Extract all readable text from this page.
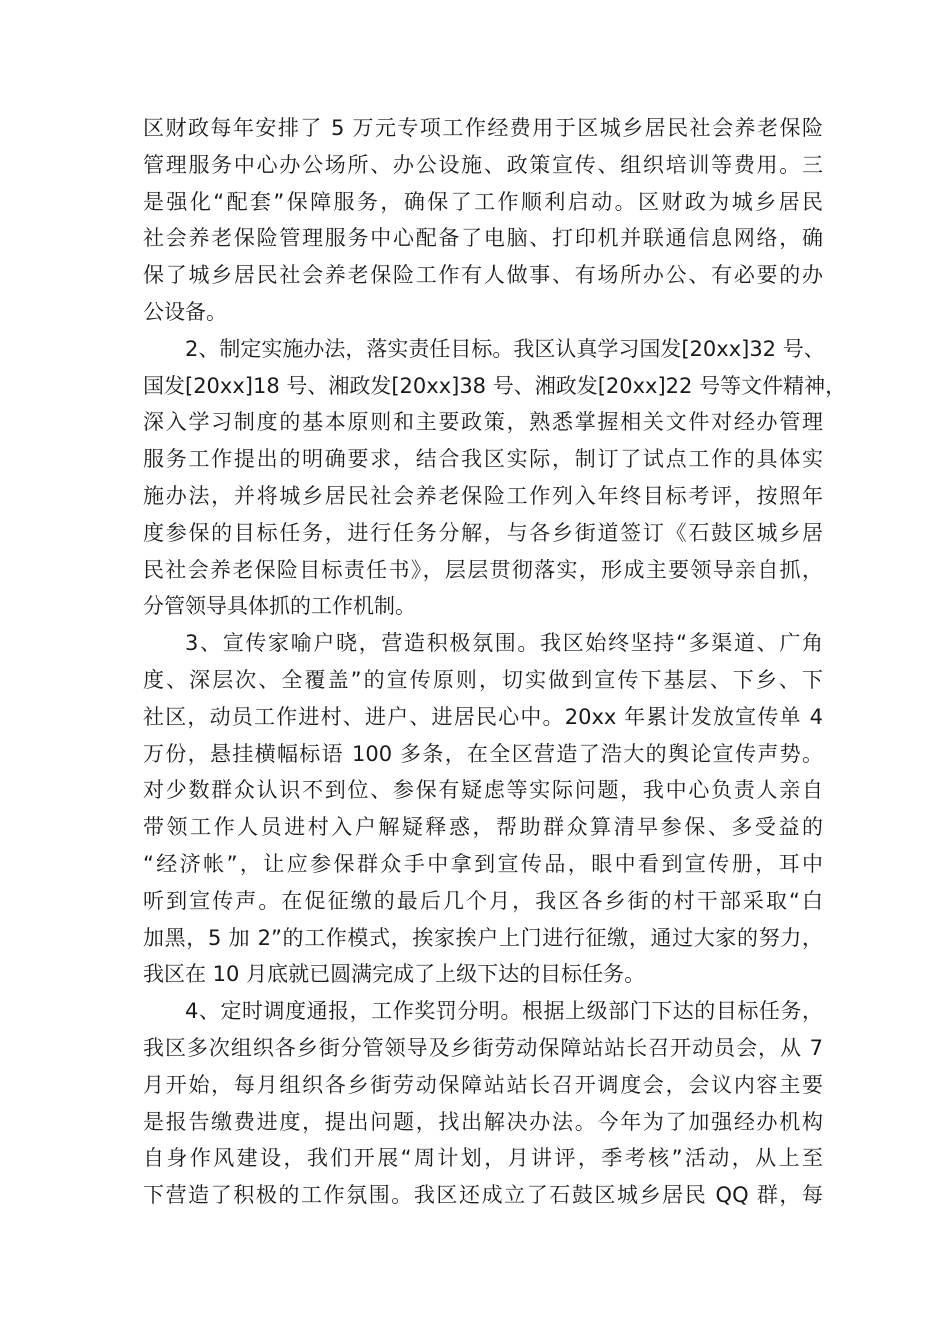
区财政每年安排了 5 万元专项工作经费用于区城乡居民社会养老保险
管理服务中心办公场所、办公设施、政策宣传、组织培训等费用。三
是强化“配套”保障服务，确保了工作顺利启动。区财政为城乡居民
社会养老保险管理服务中心配备了电脑、打印机并联通信息网络，确
保了城乡居民社会养老保险工作有人做事、有场所办公、有必要的办
公设备。

2、制定实施办法，落实责任目标。我区认真学习国发[20xx]32 号、
国发[20xx]18 号、湘政发[20xx]38 号、湘政发[20xx]22 号等文件精神，
深入学习制度的基本原则和主要政策，熟悉掌握相关文件对经办管理
服务工作提出的明确要求，结合我区实际，制订了试点工作的具体实
施办法，并将城乡居民社会养老保险工作列入年终目标考评，按照年
度参保的目标任务，进行任务分解，与各乡街道签订《石鼓区城乡居
民社会养老保险目标责任书》，层层贯彻落实，形成主要领导亲自抓，
分管领导具体抓的工作机制。

3、宣传家喻户晓，营造积极氛围。我区始终坚持“多渠道、广角
度、深层次、全覆盖”的宣传原则，切实做到宣传下基层、下乡、下
社区，动员工作进村、进户、进居民心中。20xx 年累计发放宣传单 4
万份，悬挂横幅标语 100 多条，在全区营造了浩大的舆论宣传声势。
对少数群众认识不到位、参保有疑虑等实际问题，我中心负责人亲自
带领工作人员进村入户解疑释惑，帮助群众算清早参保、多受益的
“经济帐”，让应参保群众手中拿到宣传品，眼中看到宣传册，耳中
听到宣传声。在促征缴的最后几个月，我区各乡街的村干部采取“白
加黑，5 加 2”的工作模式，挨家挨户上门进行征缴，通过大家的努力，
我区在 10 月底就已圆满完成了上级下达的目标任务。

4、定时调度通报，工作奖罚分明。根据上级部门下达的目标任务，
我区多次组织各乡街分管领导及乡街劳动保障站站长召开动员会，从 7
月开始，每月组织各乡街劳动保障站站长召开调度会，会议内容主要
是报告缴费进度，提出问题，找出解决办法。今年为了加强经办机构
自身作风建设，我们开展“周计划，月讲评，季考核”活动，从上至
下营造了积极的工作氛围。我区还成立了石鼓区城乡居民 QQ 群，每
